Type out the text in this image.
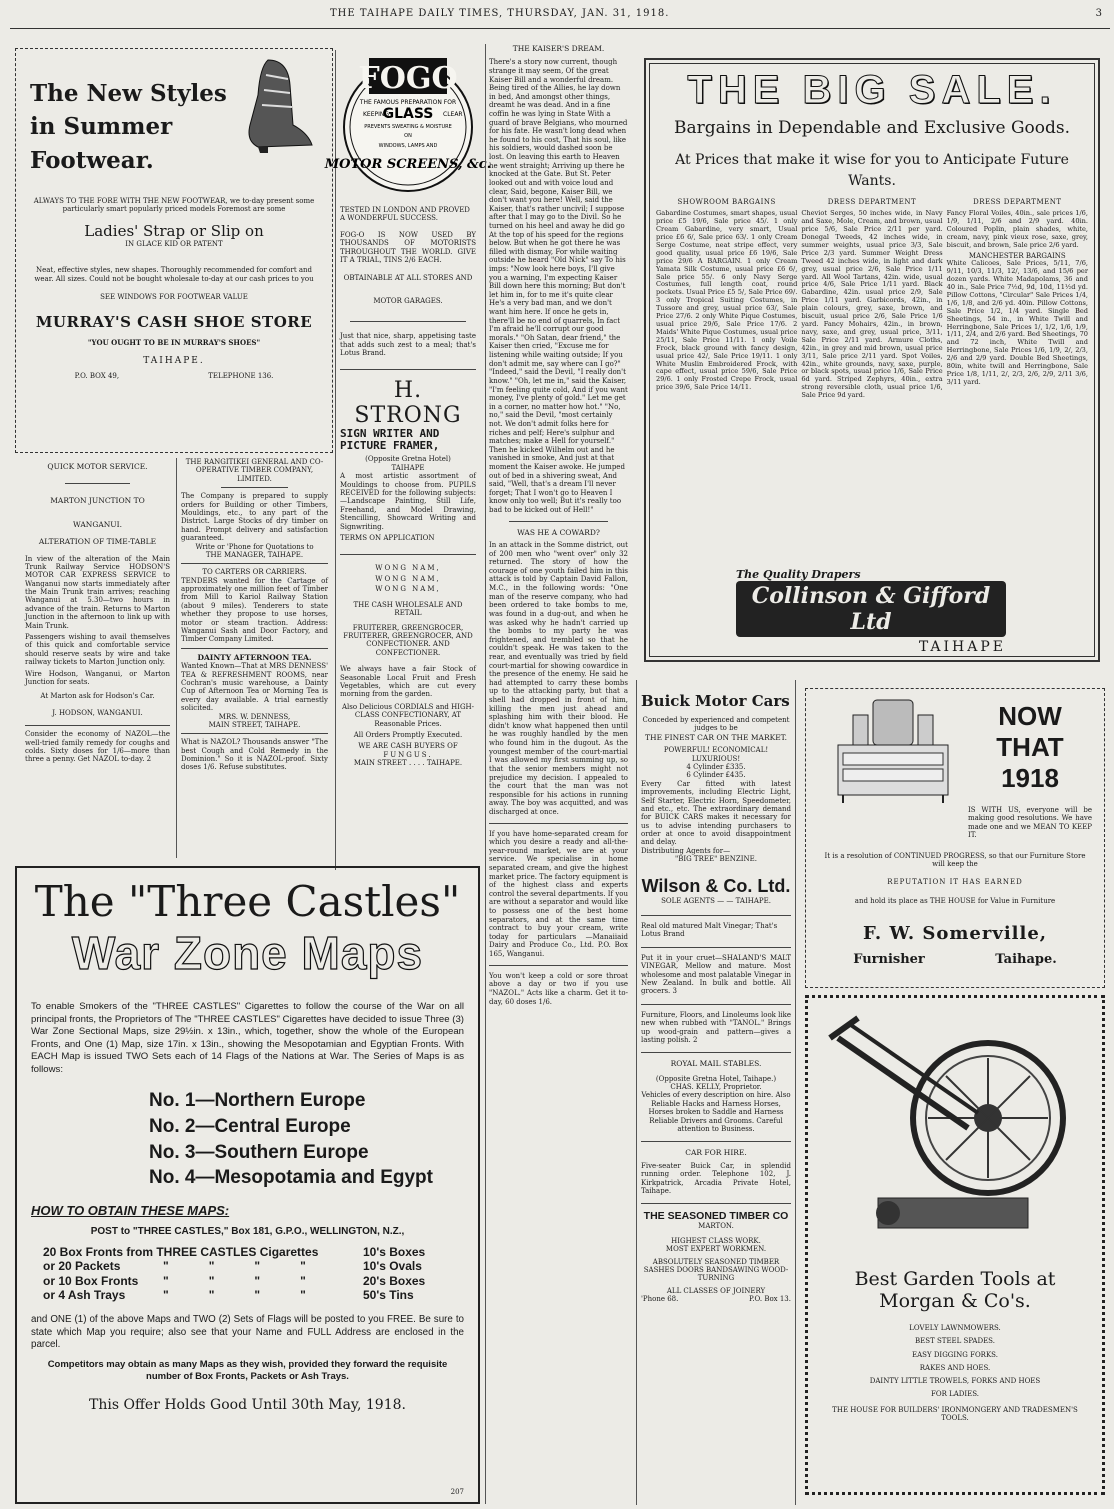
THE TAIHAPE DAILY TIMES, THURSDAY, JAN. 31, 1918.	3
The New Styles in Summer Footwear.
ALWAYS TO THE FORE WITH THE NEW FOOTWEAR, we to-day present some particularly smart popularly priced models Foremost are some
Ladies' Strap or Slip on
IN GLACE KID OR PATENT
Neat, effective styles, new shapes. Thoroughly recommended for comfort and wear. All sizes. Could not be bought wholesale to-day at our cash prices to you
SEE WINDOWS FOR FOOTWEAR VALUE
MURRAY'S CASH SHOE STORE
"YOU OUGHT TO BE IN MURRAY'S SHOES"
TAIHAPE.
P.O. BOX 49,	TELEPHONE 136.
QUICK MOTOR SERVICE.
MARTON JUNCTION TO
WANGANUI.
ALTERATION OF TIME-TABLE
In view of the alteration of the Main Trunk Railway Service HODSON'S MOTOR CAR EXPRESS SERVICE to Wanganui now starts immediately after the Main Trunk train arrives; reaching Wanganui at 5.30—two hours in advance of the train. Returns to Marton Junction in the afternoon to link up with Main Trunk.
Passengers wishing to avail themselves of this quick and comfortable service should reserve seats by wire and take railway tickets to Marton Junction only.
Wire Hodson, Wanganui, or Marton Junction for seats.
At Marton ask for Hodson's Car.
J. HODSON, WANGANUI.
Consider the economy of NAZOL—the well-tried family remedy for coughs and colds. Sixty doses for 1/6—more than three a penny. Get NAZOL to-day. 2
THE RANGITIKEI GENERAL AND CO-OPERATIVE TIMBER COMPANY, LIMITED.
The Company is prepared to supply orders for Building or other Timbers, Mouldings, etc., to any part of the District. Large Stocks of dry timber on hand. Prompt delivery and satisfaction guaranteed.
Write or 'Phone for Quotations to
THE MANAGER, TAIHAPE.
TO CARTERS OR CARRIERS.
TENDERS wanted for the Cartage of approximately one million feet of Timber from Mill to Kariol Railway Station (about 9 miles). Tenderers to state whether they propose to use horses, motor or steam traction. Address: Wanganui Sash and Door Factory, and Timber Company Limited.
DAINTY AFTERNOON TEA.
Wanted Known—That at MRS DENNESS' TEA & REFRESHMENT ROOMS, near Cochran's music warehouse, a Dainty Cup of Afternoon Tea or Morning Tea is every day available. A trial earnestly solicited.
MRS. W. DENNESS,
MAIN STREET, TAIHAPE.
What is NAZOL? Thousands answer "The best Cough and Cold Remedy in the Dominion." So it is NAZOL-proof. Sixty doses 1/6. Refuse substitutes.
FOGO
THE FAMOUS PREPARATION FOR
KEEPING
GLASS CLEAR
PREVENTS SWEATING & MOISTURE
ON
WINDOWS, LAMPS AND
MOTOR SCREENS, &c.
TESTED IN LONDON AND PROVED A WONDERFUL SUCCESS.
FOG-O IS NOW USED BY THOUSANDS OF MOTORISTS THROUGHOUT THE WORLD. GIVE IT A TRIAL, TINS 2/6 EACH.
OBTAINABLE AT ALL STORES AND
MOTOR GARAGES.
Just that nice, sharp, appetising taste that adds such zest to a meal; that's Lotus Brand.
H. STRONG
SIGN WRITER AND PICTURE FRAMER,
(Opposite Gretna Hotel)
TAIHAPE
A most artistic assortment of Mouldings to choose from. PUPILS RECEIVED for the following subjects:—Landscape Painting, Still Life, Freehand, and Model Drawing, Stencilling, Showcard Writing and Signwriting.
TERMS ON APPLICATION
WONG NAM,
WONG NAM,
WONG NAM,
THE CASH WHOLESALE AND RETAIL
FRUITERER, GREENGROCER, FRUITERER, GREENGROCER, AND CONFECTIONER. AND CONFECTIONER.
We always have a fair Stock of Seasonable Local Fruit and Fresh Vegetables, which are cut every morning from the garden.
Also Delicious CORDIALS and HIGH-CLASS CONFECTIONARY, AT Reasonable Prices.
All Orders Promptly Executed.
WE ARE CASH BUYERS OF
FUNGUS.
MAIN STREET . . . . TAIHAPE.
THE KAISER'S DREAM.
There's a story now current, though strange it may seem, Of the great Kaiser Bill and a wonderful dream. Being tired of the Allies, he lay down in bed, And amongst other things, dreamt he was dead. And in a fine coffin he was lying in State With a guard of brave Belgians, who mourned for his fate. He wasn't long dead when he found to his cost, That his soul, like his soldiers, would dashed soon be lost. On leaving this earth to Heaven he went straight; Arriving up there he knocked at the Gate. But St. Peter looked out and with voice loud and clear, Said, begone, Kaiser Bill, we don't want you here! Well, said the Kaiser, that's rather uncivil; I suppose after that I may go to the Divil. So he turned on his heel and away he did go At the top of his speed for the regions below. But when he got there he was filled with dismay, For while waiting outside he heard "Old Nick" say To his imps: "Now look here boys, I'll give you a warning, I'm expecting Kaiser Bill down here this morning; But don't let him in, for to me it's quite clear He's a very bad man, and we don't want him here. If once he gets in, there'll be no end of quarrels, In fact I'm afraid he'll corrupt our good morals." "Oh Satan, dear friend," the Kaiser then cried, "Excuse me for listening while waiting outside; If you don't admit me, say where can I go?" "Indeed," said the Devil, "I really don't know." "Oh, let me in," said the Kaiser, "I'm feeling quite cold, And if you want money, I've plenty of gold." Let me get in a corner, no matter how hot." "No, no," said the Devil, "most certainly not. We don't admit folks here for riches and pelf; Here's sulphur and matches; make a Hell for yourself." Then he kicked Wilhelm out and he vanished in smoke, And just at that moment the Kaiser awoke. He jumped out of bed in a shivering sweat, And said, "Well, that's a dream I'll never forget; That I won't go to Heaven I know only too well; But it's really too bad to be kicked out of Hell!"
WAS HE A COWARD?
In an attack in the Somme district, out of 200 men who "went over" only 32 returned. The story of how the courage of one youth failed him in this attack is told by Captain David Fallon, M.C., in the following words: "One man of the reserve company, who had been ordered to take bombs to me, was found in a dug-out, and when he was asked why he hadn't carried up the bombs to my party he was frightened, and trembled so that he couldn't speak. He was taken to the rear, and eventually was tried by field court-martial for showing cowardice in the presence of the enemy. He said he had attempted to carry these bombs up to the attacking party, but that a shell had dropped in front of him, killing the men just ahead and splashing him with their blood. He didn't know what happened then until he was roughly handled by the men who found him in the dugout. As the youngest member of the court-martial I was allowed my first summing up, so that the senior members might not prejudice my decision. I appealed to the court that the man was not responsible for his actions in running away. The boy was acquitted, and was discharged at once.
If you have home-separated cream for which you desire a ready and all-the-year-round market, we are at your service. We specialise in home separated cream, and give the highest market price. The factory equipment is of the highest class and experts control the several departments. If you are without a separator and would like to possess one of the best home separators, and at the same time contract to buy your cream, write today for particulars —Manaiiaid Dairy and Produce Co., Ltd. P.O. Box 165, Wanganui.
You won't keep a cold or sore throat above a day or two if you use "NAZOL." Acts like a charm. Get it to-day, 60 doses 1/6.
THE BIG SALE.
Bargains in Dependable and Exclusive Goods.
At Prices that make it wise for you to Anticipate Future Wants.
SHOWROOM BARGAINS
Gabardine Costumes, smart shapes, usual price £5 19/6, Sale price 45/. 1 only Cream Gabardine, very smart, Usual price £6 6/, Sale price 63/. 1 only Cream Serge Costume, neat stripe effect, very good quality, usual price £6 19/6, Sale price 29/6 A BARGAIN. 1 only Cream Yamata Silk Costume, usual price £6 6/, Sale price 55/. 6 only Navy Serge Costumes, full length coat, round pockets. Usual Price £5 5/, Sale Price 69/. 3 only Tropical Suiting Costumes, in Tussore and grey, usual price 63/, Sale Price 27/6. 2 only White Pique Costumes, usual price 29/6, Sale Price 17/6. 2 Maids' White Pique Costumes, usual price 25/11, Sale Price 11/11. 1 only Voile Frock, black ground with fancy design, usual price 42/, Sale Price 19/11. 1 only White Muslin Embroidered Frock, with cape effect, usual price 59/6, Sale Price 29/6. 1 only Frosted Crepe Frock, usual price 39/6, Sale Price 14/11.
DRESS DEPARTMENT
Cheviot Serges, 50 inches wide, in Navy and Saxe, Mole, Cream, and brown, usual price 5/6, Sale Price 2/11 per yard. Donegal Tweeds, 42 inches wide, in summer weights, usual price 3/3, Sale Price 2/3 yard. Summer Weight Dress Tweed 42 inches wide, in light and dark grey, usual price 2/6, Sale Price 1/11 yard. All Wool Tartans, 42in. wide, usual price 4/6, Sale Price 1/11 yard. Black Gabardine, 42in. usual price 2/9, Sale Price 1/11 yard. Garbicords, 42in., in plain colours, grey, saxe, brown, and biscuit, usual price 2/6, Sale Price 1/6 yard. Fancy Mohairs, 42in., in brown, navy, saxe, and grey, usual price, 3/11, Sale Price 2/11 yard. Armure Cloths, 42in., in grey and mid brown, usual price 3/11, Sale price 2/11 yard. Spot Voiles, 42in., white grounds, navy, saxe, purple, or black spots, usual price 1/6, Sale Price 6d yard. Striped Zephyrs, 40in., extra strong reversible cloth, usual price 1/6, Sale Price 9d yard.
DRESS DEPARTMENT
Fancy Floral Voiles, 40in., sale prices 1/6, 1/9, 1/11, 2/6 and 2/9 yard. 40in. Coloured Poplin, plain shades, white, cream, navy, pink vieux rose, saxe, grey, biscuit, and brown, Sale price 2/6 yard.
MANCHESTER BARGAINS
White Calicoes, Sale Prices, 5/11, 7/6, 9/11, 10/3, 11/3, 12/, 13/6, and 15/6 per dozen yards. White Madapolams, 36 and 40 in., Sale Price 7½d, 9d, 10d, 11½d yd. Pillow Cottons, "Circular" Sale Prices 1/4, 1/6, 1/8, and 2/6 yd. 40in. Pillow Cottons, Sale Price 1/2, 1/4 yard. Single Bed Sheetings, 54 in., in White Twill and Herringbone, Sale Prices 1/, 1/2, 1/6, 1/9, 1/11, 2/4, and 2/6 yard. Bed Sheetings, 70 and 72 inch, White Twill and Herringbone, Sale Prices 1/6, 1/9, 2/, 2/3, 2/6 and 2/9 yard. Double Bed Sheetings, 80in, white twill and Herringbone, Sale Price 1/8, 1/11, 2/, 2/3, 2/6, 2/9, 2/11 3/6, 3/11 yard.
The Quality Drapers
Collinson & Gifford Ltd
TAIHAPE
Buick Motor Cars
Conceded by experienced and competent judges to be
THE FINEST CAR ON THE MARKET.
POWERFUL! ECONOMICAL! LUXURIOUS!
4 Cylinder £335.
6 Cylinder £435.
Every Car fitted with latest improvements, including Electric Light, Self Starter, Electric Horn, Speedometer, and etc., etc. The extraordinary demand for BUICK CARS makes it necessary for us to advise intending purchasers to order at once to avoid disappointment and delay.
Distributing Agents for—
"BIG TREE" BENZINE.
Wilson & Co. Ltd.
SOLE AGENTS — — TAIHAPE.
Real old matured Malt Vinegar; That's Lotus Brand
Put it in your cruet—SHALAND'S MALT VINEGAR, Mellow and mature. Most wholesome and most palatable Vinegar in New Zealand. In bulk and bottle. All grocers. 3
Furniture, Floors, and Linoleums look like new when rubbed with "TANOL." Brings up wood-grain and pattern—gives a lasting polish. 2
ROYAL MAIL STABLES.
(Opposite Gretna Hotel, Taihape.)
CHAS. KELLY, Proprietor.
Vehicles of every description on hire. Also Reliable Hacks and Harness Horses, Horses broken to Saddle and Harness Reliable Drivers and Grooms. Careful attention to Business.
CAR FOR HIRE.
Five-seater Buick Car, in splendid running order. Telephone 102, J. Kirkpatrick, Arcadia Private Hotel, Taihape.
THE SEASONED TIMBER CO
MARTON.
HIGHEST CLASS WORK.
MOST EXPERT WORKMEN.
ABSOLUTELY SEASONED TIMBER
SASHES DOORS BANDSAWING WOOD-TURNING
ALL CLASSES OF JOINERY
'Phone 68.	P.O. Box 13.
NOW THAT
1918
IS WITH US, everyone will be making good resolutions. We have made one and we MEAN TO KEEP IT.
It is a resolution of CONTINUED PROGRESS, so that our Furniture Store will keep the
REPUTATION IT HAS EARNED
and hold its place as THE HOUSE for Value in Furniture
F. W. Somerville,
Furnisher	Taihape.
Best Garden Tools at
Morgan & Co's.
LOVELY LAWNMOWERS.
BEST STEEL SPADES.
EASY DIGGING FORKS.
RAKES AND HOES.
DAINTY LITTLE TROWELS, FORKS AND HOES
FOR LADIES.
THE HOUSE FOR BUILDERS' IRONMONGERY AND TRADESMEN'S TOOLS.
The "Three Castles"
War Zone Maps
To enable Smokers of the "THREE CASTLES" Cigarettes to follow the course of the War on all principal fronts, the Proprietors of The "THREE CASTLES" Cigarettes have decided to issue Three (3) War Zone Sectional Maps, size 29½in. x 13in., which, together, show the whole of the European Fronts, and One (1) Map, size 17in. x 13in., showing the Mesopotamian and Egyptian Fronts. With EACH Map is issued TWO Sets each of 14 Flags of the Nations at War. The Series of Maps is as follows:
No. 1—Northern Europe
No. 2—Central Europe
No. 3—Southern Europe
No. 4—Mesopotamia and Egypt
HOW TO OBTAIN THESE MAPS:
POST to "THREE CASTLES," Box 181, G.P.O., WELLINGTON, N.Z.,
20 Box Fronts from THREE CASTLES Cigarettes	10's Boxes
or 20 Packets	""""	10's Ovals
or 10 Box Fronts	""""	20's Boxes
or 4 Ash Trays	""""	50's Tins
and ONE (1) of the above Maps and TWO (2) Sets of Flags will be posted to you FREE. Be sure to state which Map you require; also see that your Name and FULL Address are enclosed in the parcel.
Competitors may obtain as many Maps as they wish, provided they forward the requisite number of Box Fronts, Packets or Ash Trays.
This Offer Holds Good Until 30th May, 1918.
207
